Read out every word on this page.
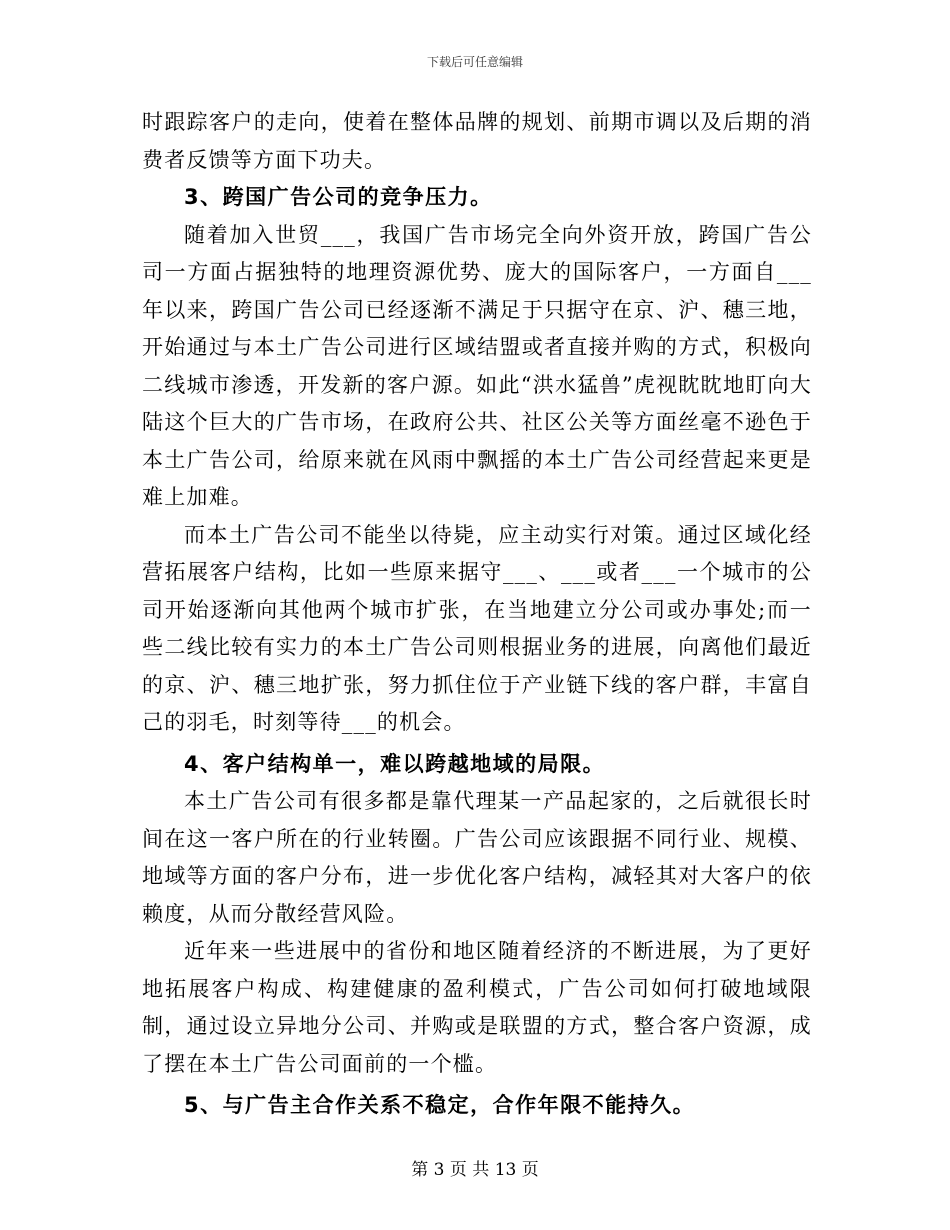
下载后可任意编辑

时跟踪客户的走向，使着在整体品牌的规划、前期市调以及后期的消费者反馈等方面下功夫。

3、跨国广告公司的竞争压力。

随着加入世贸___，我国广告市场完全向外资开放，跨国广告公司一方面占据独特的地理资源优势、庞大的国际客户，一方面自___年以来，跨国广告公司已经逐渐不满足于只据守在京、沪、穗三地，开始通过与本土广告公司进行区域结盟或者直接并购的方式，积极向二线城市渗透，开发新的客户源。如此“洪水猛兽”虎视眈眈地盯向大陆这个巨大的广告市场，在政府公共、社区公关等方面丝毫不逊色于本土广告公司，给原来就在风雨中飘摇的本土广告公司经营起来更是难上加难。

而本土广告公司不能坐以待毙，应主动实行对策。通过区域化经营拓展客户结构，比如一些原来据守___、___或者___一个城市的公司开始逐渐向其他两个城市扩张，在当地建立分公司或办事处;而一些二线比较有实力的本土广告公司则根据业务的进展，向离他们最近的京、沪、穗三地扩张，努力抓住位于产业链下线的客户群，丰富自己的羽毛，时刻等待___的机会。

4、客户结构单一，难以跨越地域的局限。

本土广告公司有很多都是靠代理某一产品起家的，之后就很长时间在这一客户所在的行业转圈。广告公司应该跟据不同行业、规模、地域等方面的客户分布，进一步优化客户结构，减轻其对大客户的依赖度，从而分散经营风险。

近年来一些进展中的省份和地区随着经济的不断进展，为了更好地拓展客户构成、构建健康的盈利模式，广告公司如何打破地域限制，通过设立异地分公司、并购或是联盟的方式，整合客户资源，成了摆在本土广告公司面前的一个槛。

5、与广告主合作关系不稳定，合作年限不能持久。
第 3 页 共 13 页
